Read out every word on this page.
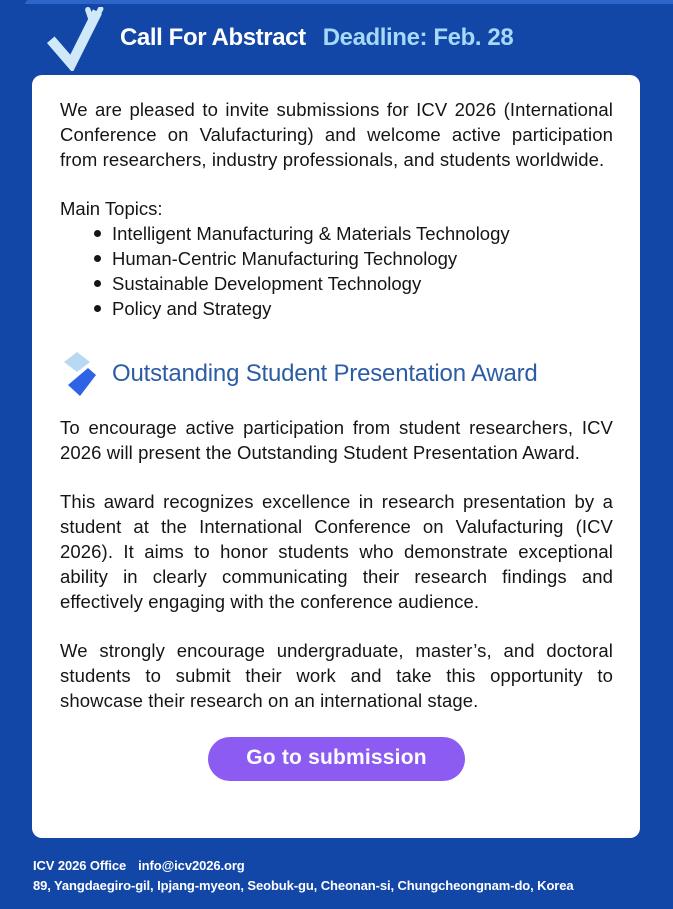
Call For Abstract Deadline: Feb. 28

We are pleased to invite submissions for ICV 2026 (International Conference on Valufacturing) and welcome active participation from researchers, industry professionals, and students worldwide.

Main Topics:
Intelligent Manufacturing & Materials Technology
Human-Centric Manufacturing Technology
Sustainable Development Technology
Policy and Strategy
Outstanding Student Presentation Award

To encourage active participation from student researchers, ICV 2026 will present the Outstanding Student Presentation Award.

This award recognizes excellence in research presentation by a student at the International Conference on Valufacturing (ICV 2026). It aims to honor students who demonstrate exceptional ability in clearly communicating their research findings and effectively engaging with the conference audience.

We strongly encourage undergraduate, master’s, and doctoral students to submit their work and take this opportunity to showcase their research on an international stage.

Go to submission
ICV 2026 Office info@icv2026.org
89, Yangdaegiro-gil, Ipjang-myeon, Seobuk-gu, Cheonan-si, Chungcheongnam-do, Korea
